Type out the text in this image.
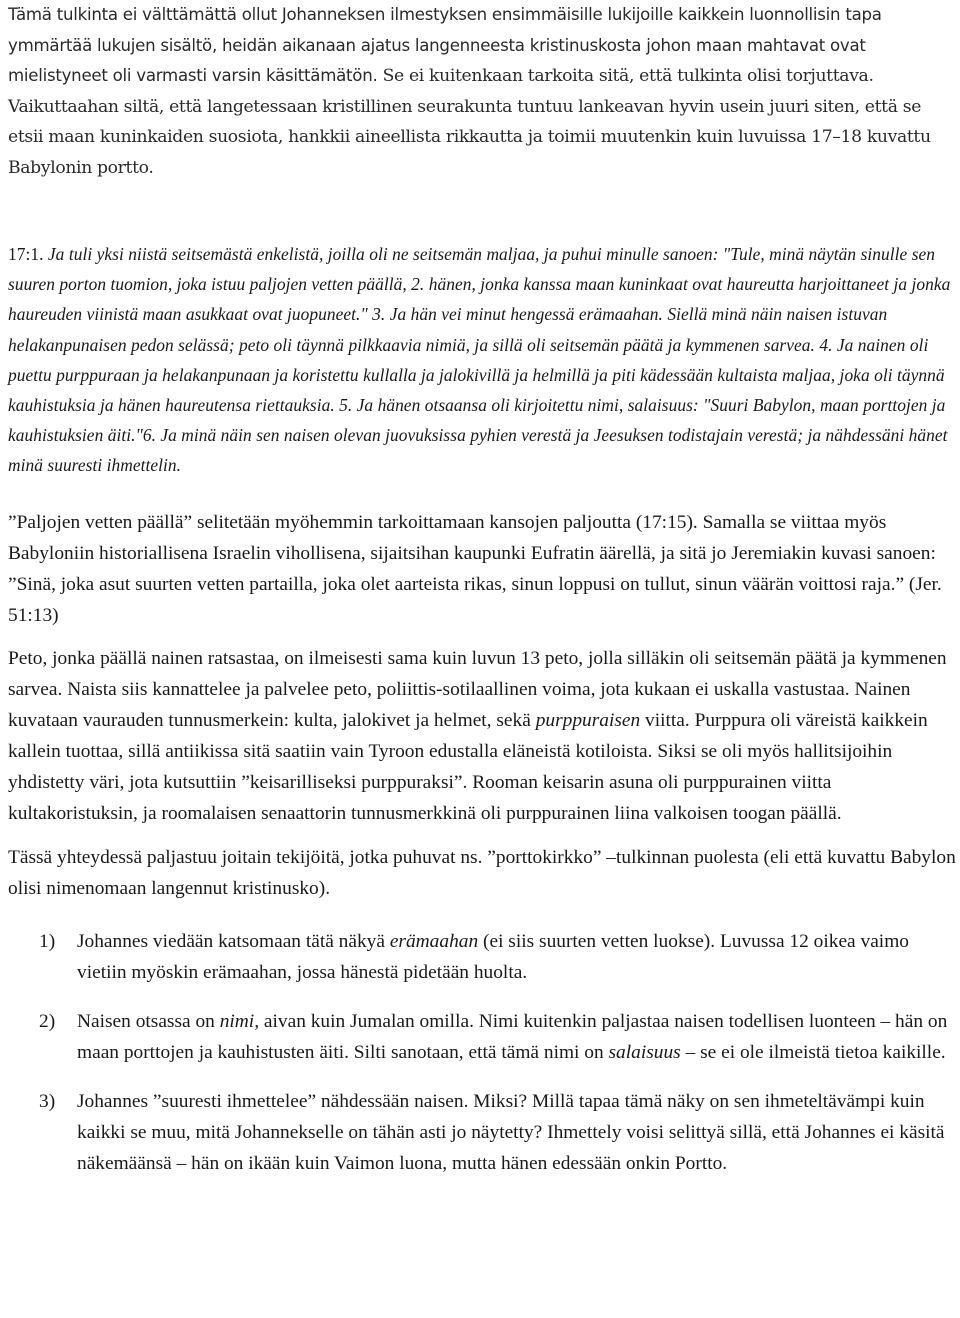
Tämä tulkinta ei välttämättä ollut Johanneksen ilmestyksen ensimmäisille lukijoille kaikkein luonnollisin tapa ymmärtää lukujen sisältö, heidän aikanaan ajatus langenneesta kristinuskosta johon maan mahtavat ovat mielistyneet oli varmasti varsin käsittämätön. Se ei kuitenkaan tarkoita sitä, että tulkinta olisi torjuttava. Vaikuttaahan siltä, että langetessaan kristillinen seurakunta tuntuu lankeavan hyvin usein juuri siten, että se etsii maan kuninkaiden suosiota, hankkii aineellista rikkautta ja toimii muutenkin kuin luvuissa 17–18 kuvattu Babylonin portto.

17:1. Ja tuli yksi niistä seitsemästä enkelistä, joilla oli ne seitsemän maljaa, ja puhui minulle sanoen: "Tule, minä näytän sinulle sen suuren porton tuomion, joka istuu paljojen vetten päällä, 2. hänen, jonka kanssa maan kuninkaat ovat haureutta harjoittaneet ja jonka haureuden viinistä maan asukkaat ovat juopuneet." 3. Ja hän vei minut hengessä erämaahan. Siellä minä näin naisen istuvan helakanpunaisen pedon selässä; peto oli täynnä pilkkaavia nimiä, ja sillä oli seitsemän päätä ja kymmenen sarvea. 4. Ja nainen oli puettu purppuraan ja helakanpunaan ja koristettu kullalla ja jalokivillä ja helmillä ja piti kädessään kultaista maljaa, joka oli täynnä kauhistuksia ja hänen haureutensa riettauksia. 5. Ja hänen otsaansa oli kirjoitettu nimi, salaisuus: "Suuri Babylon, maan porttojen ja kauhistuksien äiti."6. Ja minä näin sen naisen olevan juovuksissa pyhien verestä ja Jeesuksen todistajain verestä; ja nähdessäni hänet minä suuresti ihmettelin.

”Paljojen vetten päällä” selitetään myöhemmin tarkoittamaan kansojen paljoutta (17:15). Samalla se viittaa myös Babyloniin historiallisena Israelin vihollisena, sijaitsihan kaupunki Eufratin äärellä, ja sitä jo Jeremiakin kuvasi sanoen: ”Sinä, joka asut suurten vetten partailla, joka olet aarteista rikas, sinun loppusi on tullut, sinun väärän voittosi raja.” (Jer. 51:13)

Peto, jonka päällä nainen ratsastaa, on ilmeisesti sama kuin luvun 13 peto, jolla silläkin oli seitsemän päätä ja kymmenen sarvea. Naista siis kannattelee ja palvelee peto, poliittis-sotilaallinen voima, jota kukaan ei uskalla vastustaa. Nainen kuvataan vaurauden tunnusmerkein: kulta, jalokivet ja helmet, sekä purppuraisen viitta. Purppura oli väreistä kaikkein kallein tuottaa, sillä antiikissa sitä saatiin vain Tyroon edustalla eläneistä kotiloista. Siksi se oli myös hallitsijoihin yhdistetty väri, jota kutsuttiin ”keisarilliseksi purppuraksi”. Rooman keisarin asuna oli purppurainen viitta kultakoristuksin, ja roomalaisen senaattorin tunnusmerkkinä oli purppurainen liina valkoisen toogan päällä.

Tässä yhteydessä paljastuu joitain tekijöitä, jotka puhuvat ns. ”porttokirkko” –tulkinnan puolesta (eli että kuvattu Babylon olisi nimenomaan langennut kristinusko).

1) Johannes viedään katsomaan tätä näkyä erämaahan (ei siis suurten vetten luokse). Luvussa 12 oikea vaimo vietiin myöskin erämaahan, jossa hänestä pidetään huolta.
2) Naisen otsassa on nimi, aivan kuin Jumalan omilla. Nimi kuitenkin paljastaa naisen todellisen luonteen – hän on maan porttojen ja kauhistusten äiti. Silti sanotaan, että tämä nimi on salaisuus – se ei ole ilmeistä tietoa kaikille.
3) Johannes ”suuresti ihmettelee” nähdessään naisen. Miksi? Millä tapaa tämä näky on sen ihmeteltävämpi kuin kaikki se muu, mitä Johannekselle on tähän asti jo näytetty? Ihmettely voisi selittyä sillä, että Johannes ei käsitä näkemäänsä – hän on ikään kuin Vaimon luona, mutta hänen edessään onkin Portto.
